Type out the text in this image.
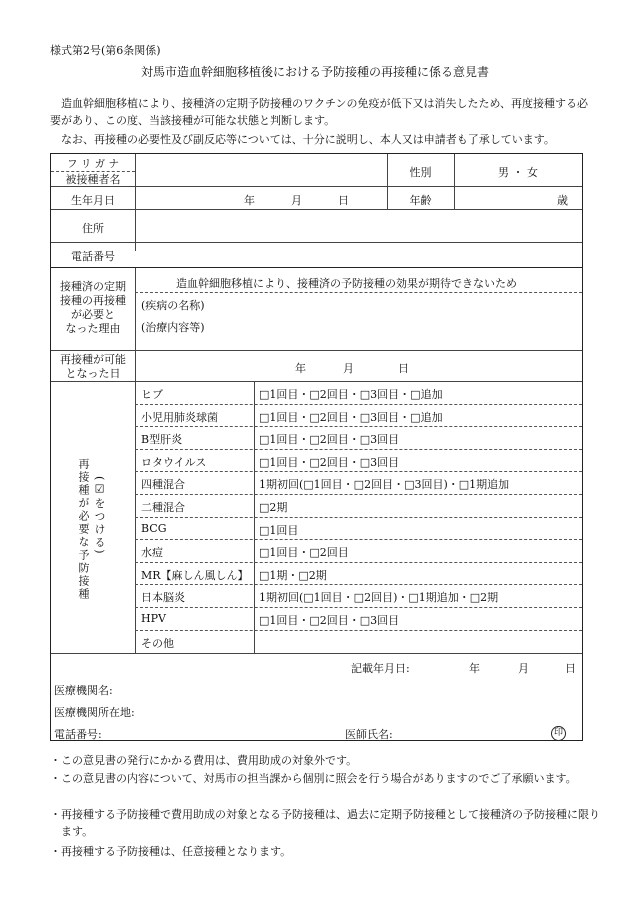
様式第2号(第6条関係)
対馬市造血幹細胞移植後における予防接種の再接種に係る意見書
造血幹細胞移植により、接種済の定期予防接種のワクチンの免疫が低下又は消失したため、再度接種する必要があり、この度、当該接種が可能な状態と判断します。
なお、再接種の必要性及び副反応等については、十分に説明し、本人又は申請者も了承しています。
フ リ ガ ナ
被接種者名
性別	男 ・ 女
生年月日	年	月	日	年齢	歳
住所
電話番号
接種済の定期
接種の再接種
が必要と
なった理由
造血幹細胞移植により、接種済の予防接種の効果が期待できないため
(疾病の名称)
(治療内容等)
再接種が可能
となった日	年	月	日
再接種が必要な予防接種 (☑をつける)
ヒブ	□1回目・□2回目・□3回目・□追加
小児用肺炎球菌	□1回目・□2回目・□3回目・□追加
B型肝炎	□1回目・□2回目・□3回目
ロタウイルス	□1回目・□2回目・□3回目
四種混合	1期初回(□1回目・□2回目・□3回目)・□1期追加
二種混合	□2期
BCG	□1回目
水痘	□1回目・□2回目
MR【麻しん風しん】 □1期・□2期
日本脳炎	1期初回(□1回目・□2回目)・□1期追加・□2期
HPV	□1回目・□2回目・□3回目
その他
記載年月日:	年	月	日
医療機関名:
医療機関所在地:
電話番号:	医師氏名:	印
・この意見書の発行にかかる費用は、費用助成の対象外です。
・この意見書の内容について、対馬市の担当課から個別に照会を行う場合がありますのでご了承願います。
・再接種する予防接種で費用助成の対象となる予防接種は、過去に定期予防接種として接種済の予防接種に限ります。
・再接種する予防接種は、任意接種となります。
